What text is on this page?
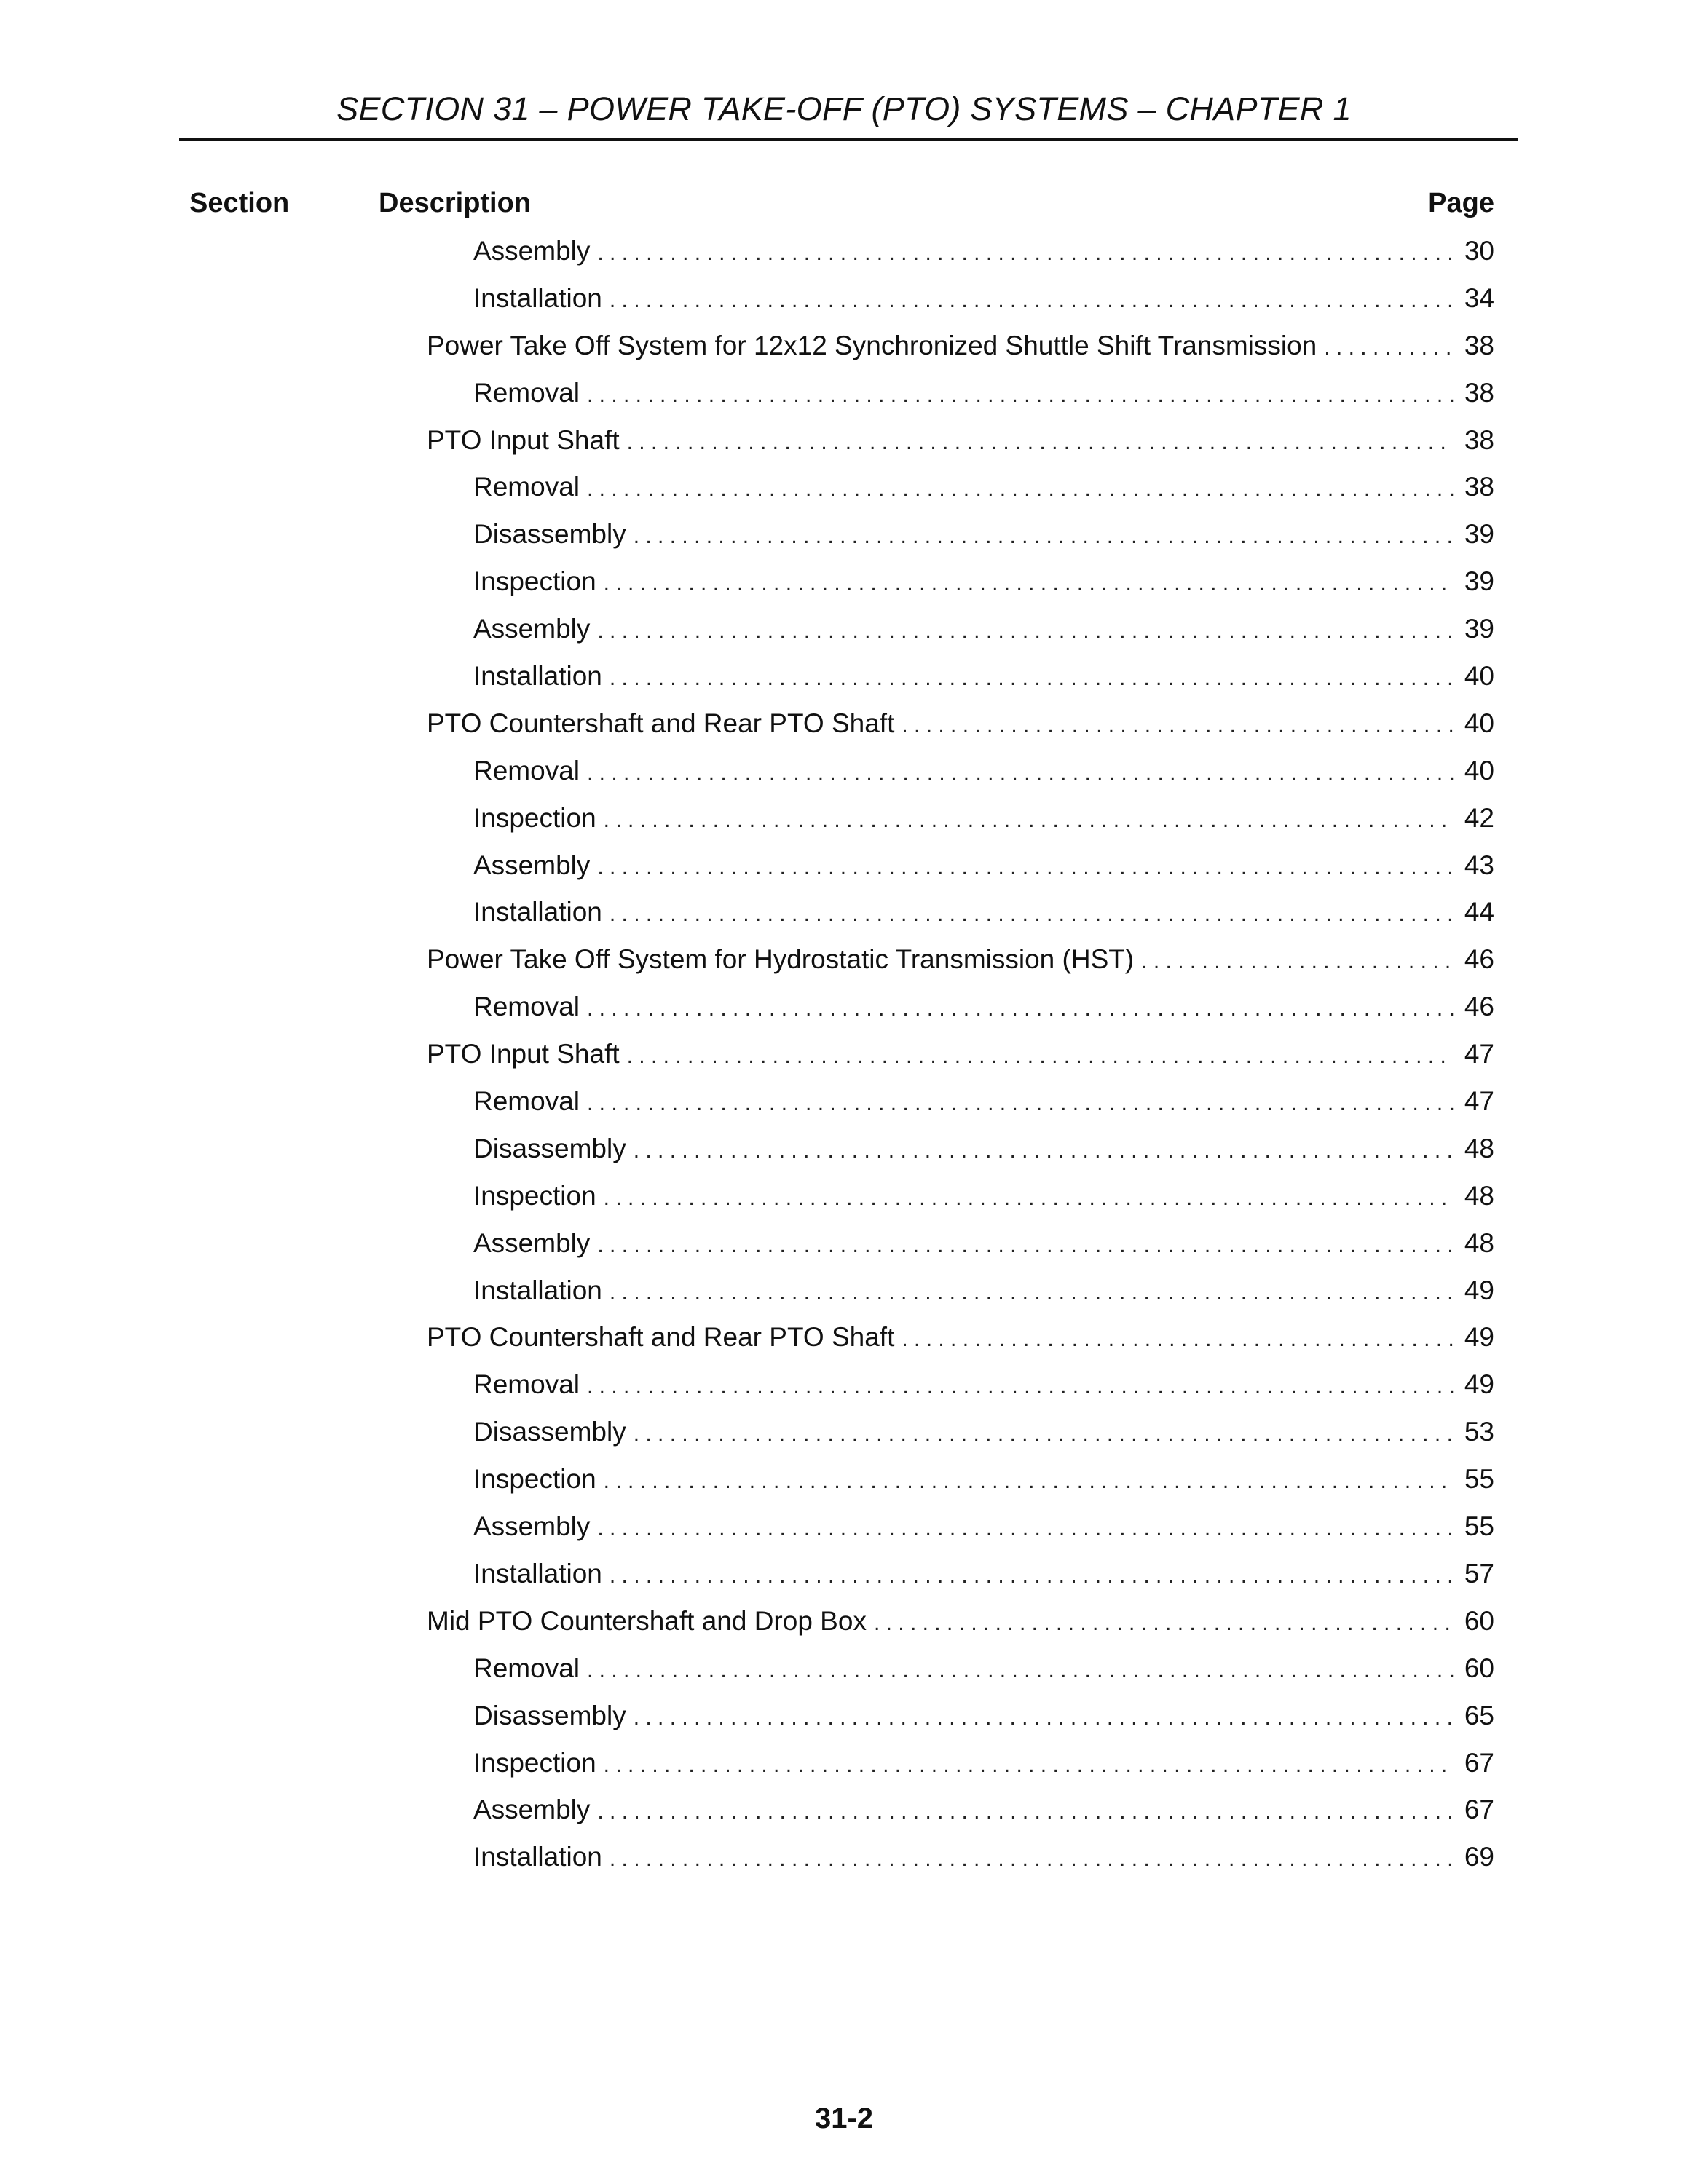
SECTION 31 – POWER TAKE-OFF (PTO) SYSTEMS – CHAPTER 1
Section	Description	Page
Assembly . . .	30
Installation . . .	34
Power Take Off System for 12x12 Synchronized Shuttle Shift Transmission . . .	38
Removal . . .	38
PTO Input Shaft . . .	38
Removal . . .	38
Disassembly . . .	39
Inspection . . .	39
Assembly . . .	39
Installation . . .	40
PTO Countershaft and Rear PTO Shaft . . .	40
Removal . . .	40
Inspection . . .	42
Assembly . . .	43
Installation . . .	44
Power Take Off System for Hydrostatic Transmission (HST) . . .	46
Removal . . .	46
PTO Input Shaft . . .	47
Removal . . .	47
Disassembly . . .	48
Inspection . . .	48
Assembly . . .	48
Installation . . .	49
PTO Countershaft and Rear PTO Shaft . . .	49
Removal . . .	49
Disassembly . . .	53
Inspection . . .	55
Assembly . . .	55
Installation . . .	57
Mid PTO Countershaft and Drop Box . . .	60
Removal . . .	60
Disassembly . . .	65
Inspection . . .	67
Assembly . . .	67
Installation . . .	69
31-2
